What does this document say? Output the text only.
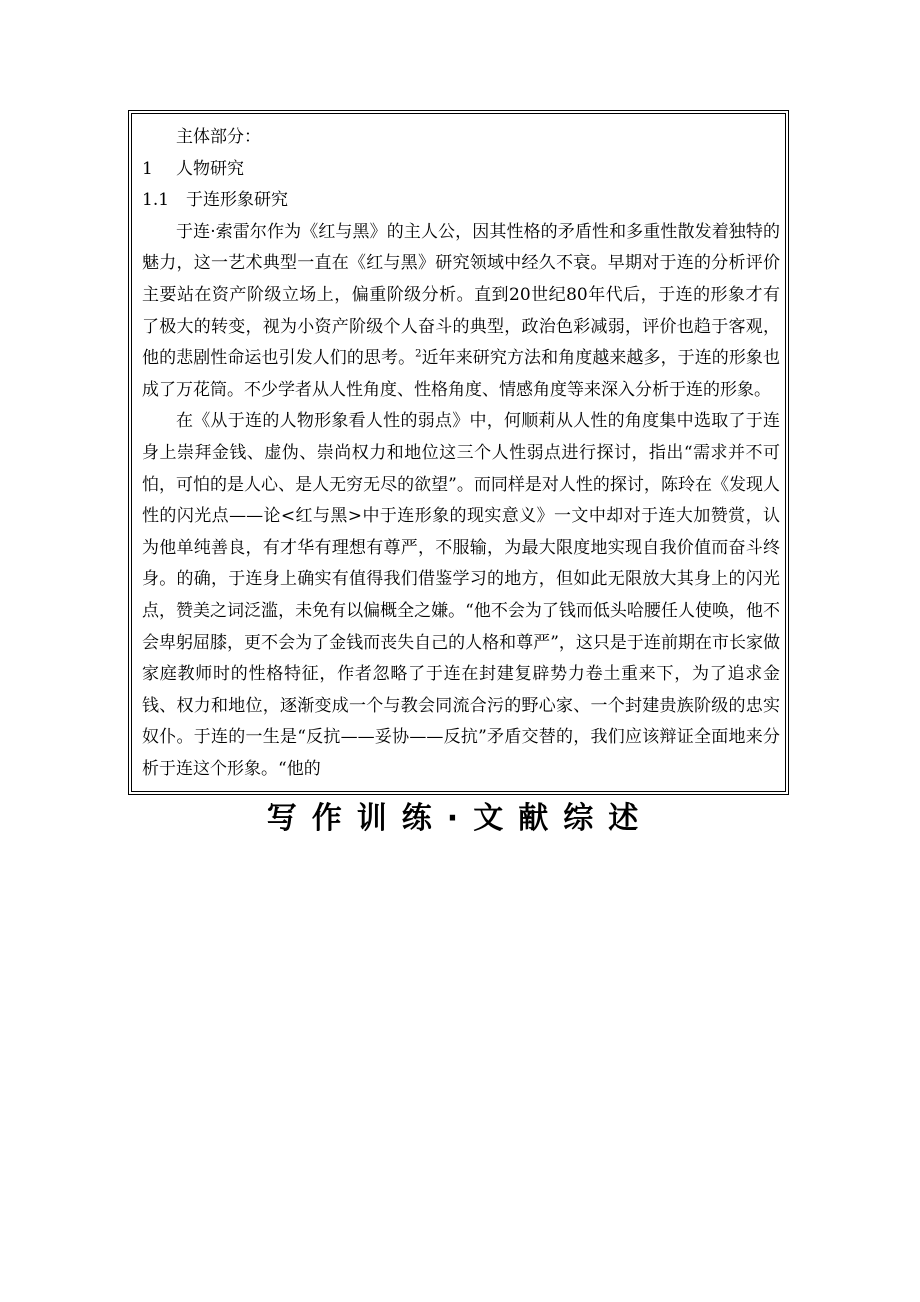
主体部分：
1 人物研究
1.1 于连形象研究

于连·索雷尔作为《红与黑》的主人公，因其性格的矛盾性和多重性散发着独特的魅力，这一艺术典型一直在《红与黑》研究领域中经久不衰。早期对于连的分析评价主要站在资产阶级立场上，偏重阶级分析。直到20世纪80年代后，于连的形象才有了极大的转变，视为小资产阶级个人奋斗的典型，政治色彩减弱，评价也趋于客观，他的悲剧性命运也引发人们的思考。$^2$近年来研究方法和角度越来越多，于连的形象也成了万花筒。不少学者从人性角度、性格角度、情感角度等来深入分析于连的形象。

在《从于连的人物形象看人性的弱点》中，何顺莉从人性的角度集中选取了于连身上崇拜金钱、虚伪、崇尚权力和地位这三个人性弱点进行探讨，指出“需求并不可怕，可怕的是人心、是人无穷无尽的欲望”。而同样是对人性的探讨，陈玲在《发现人性的闪光点——论<红与黑>中于连形象的现实意义》一文中却对于连大加赞赏，认为他单纯善良，有才华有理想有尊严，不服输，为最大限度地实现自我价值而奋斗终身。的确，于连身上确实有值得我们借鉴学习的地方，但如此无限放大其身上的闪光点，赞美之词泛滥，未免有以偏概全之嫌。“他不会为了钱而低头哈腰任人使唤，他不会卑躬屈膝，更不会为了金钱而丧失自己的人格和尊严”，这只是于连前期在市长家做家庭教师时的性格特征，作者忽略了于连在封建复辟势力卷土重来下，为了追求金钱、权力和地位，逐渐变成一个与教会同流合污的野心家、一个封建贵族阶级的忠实奴仆。于连的一生是“反抗——妥协——反抗”矛盾交替的，我们应该辩证全面地来分析于连这个形象。“他的

写作训练·文献综述
